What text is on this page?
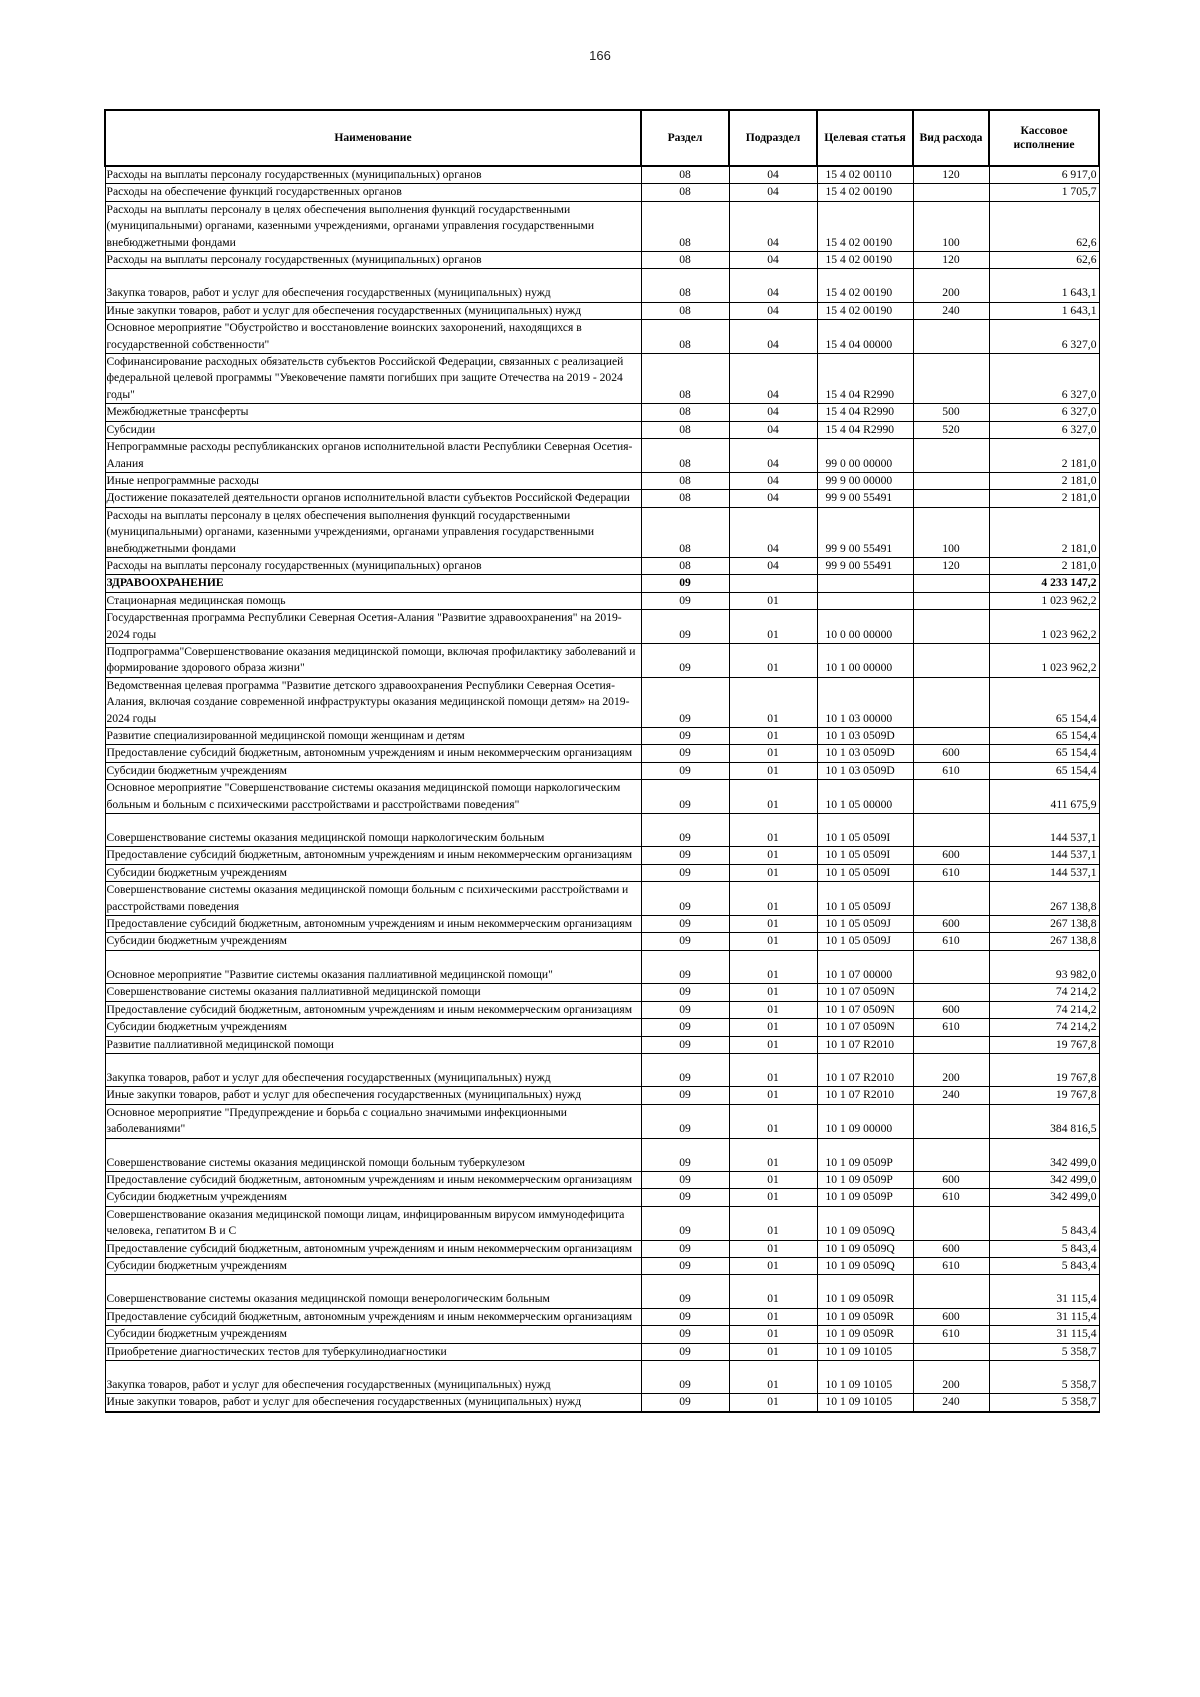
166
Наименование	Раздел	Подраздел	Целевая статья	Вид расхода	Кассовое исполнение
Расходы на выплаты персоналу государственных (муниципальных) органов	08	04	15 4 02 00110	120	6 917,0
Расходы на обеспечение функций государственных органов	08	04	15 4 02 00190		1 705,7
Расходы на выплаты персоналу в целях обеспечения выполнения функций государственными (муниципальными) органами, казенными учреждениями, органами управления государственными внебюджетными фондами	08	04	15 4 02 00190	100	62,6
Расходы на выплаты персоналу государственных (муниципальных) органов	08	04	15 4 02 00190	120	62,6
Закупка товаров, работ и услуг для обеспечения государственных (муниципальных) нужд	08	04	15 4 02 00190	200	1 643,1
Иные закупки товаров, работ и услуг для обеспечения государственных (муниципальных) нужд	08	04	15 4 02 00190	240	1 643,1
Основное мероприятие "Обустройство и восстановление воинских захоронений, находящихся в государственной собственности"	08	04	15 4 04 00000		6 327,0
Софинансирование расходных обязательств субъектов Российской Федерации, связанных с реализацией федеральной целевой программы "Увековечение памяти погибших при защите Отечества на 2019 - 2024 годы"	08	04	15 4 04 R2990		6 327,0
Межбюджетные трансферты	08	04	15 4 04 R2990	500	6 327,0
Субсидии	08	04	15 4 04 R2990	520	6 327,0
Непрограммные расходы республиканских органов исполнительной власти Республики Северная Осетия-Алания	08	04	99 0 00 00000		2 181,0
Иные непрограммные расходы	08	04	99 9 00 00000		2 181,0
Достижение показателей деятельности органов исполнительной власти субъектов Российской Федерации	08	04	99 9 00 55491		2 181,0
Расходы на выплаты персоналу в целях обеспечения выполнения функций государственными (муниципальными) органами, казенными учреждениями, органами управления государственными внебюджетными фондами	08	04	99 9 00 55491	100	2 181,0
Расходы на выплаты персоналу государственных (муниципальных) органов	08	04	99 9 00 55491	120	2 181,0
ЗДРАВООХРАНЕНИЕ	09				4 233 147,2
Стационарная медицинская помощь	09	01			1 023 962,2
Государственная программа Республики Северная Осетия-Алания "Развитие здравоохранения" на 2019-2024 годы	09	01	10 0 00 00000		1 023 962,2
Подпрограмма"Совершенствование оказания медицинской помощи, включая профилактику заболеваний и формирование здорового образа жизни"	09	01	10 1 00 00000		1 023 962,2
Ведомственная целевая программа "Развитие детского здравоохранения Республики Северная Осетия-Алания, включая создание современной инфраструктуры оказания медицинской помощи детям» на 2019-2024 годы	09	01	10 1 03 00000		65 154,4
Развитие специализированной медицинской помощи женщинам и детям	09	01	10 1 03 0509D		65 154,4
Предоставление субсидий бюджетным, автономным учреждениям и иным некоммерческим организациям	09	01	10 1 03 0509D	600	65 154,4
Субсидии бюджетным учреждениям	09	01	10 1 03 0509D	610	65 154,4
Основное мероприятие "Совершенствование системы оказания медицинской помощи наркологическим больным и больным с психическими расстройствами и расстройствами поведения"	09	01	10 1 05 00000		411 675,9
Совершенствование системы оказания медицинской помощи наркологическим больным	09	01	10 1 05 0509I		144 537,1
Предоставление субсидий бюджетным, автономным учреждениям и иным некоммерческим организациям	09	01	10 1 05 0509I	600	144 537,1
Субсидии бюджетным учреждениям	09	01	10 1 05 0509I	610	144 537,1
Совершенствование системы оказания медицинской помощи больным с психическими расстройствами и расстройствами поведения	09	01	10 1 05 0509J		267 138,8
Предоставление субсидий бюджетным, автономным учреждениям и иным некоммерческим организациям	09	01	10 1 05 0509J	600	267 138,8
Субсидии бюджетным учреждениям	09	01	10 1 05 0509J	610	267 138,8
Основное мероприятие "Развитие системы оказания паллиативной медицинской помощи"	09	01	10 1 07 00000		93 982,0
Совершенствование системы оказания паллиативной медицинской помощи	09	01	10 1 07 0509N		74 214,2
Предоставление субсидий бюджетным, автономным учреждениям и иным некоммерческим организациям	09	01	10 1 07 0509N	600	74 214,2
Субсидии бюджетным учреждениям	09	01	10 1 07 0509N	610	74 214,2
Развитие паллиативной медицинской помощи	09	01	10 1 07 R2010		19 767,8
Закупка товаров, работ и услуг для обеспечения государственных (муниципальных) нужд	09	01	10 1 07 R2010	200	19 767,8
Иные закупки товаров, работ и услуг для обеспечения государственных (муниципальных) нужд	09	01	10 1 07 R2010	240	19 767,8
Основное мероприятие "Предупреждение и борьба с социально значимыми инфекционными заболеваниями"	09	01	10 1 09 00000		384 816,5
Совершенствование системы оказания медицинской помощи больным туберкулезом	09	01	10 1 09 0509P		342 499,0
Предоставление субсидий бюджетным, автономным учреждениям и иным некоммерческим организациям	09	01	10 1 09 0509P	600	342 499,0
Субсидии бюджетным учреждениям	09	01	10 1 09 0509P	610	342 499,0
Совершенствование оказания медицинской помощи лицам, инфицированным вирусом иммунодефицита человека, гепатитом В и С	09	01	10 1 09 0509Q		5 843,4
Предоставление субсидий бюджетным, автономным учреждениям и иным некоммерческим организациям	09	01	10 1 09 0509Q	600	5 843,4
Субсидии бюджетным учреждениям	09	01	10 1 09 0509Q	610	5 843,4
Совершенствование системы оказания медицинской помощи венерологическим больным	09	01	10 1 09 0509R		31 115,4
Предоставление субсидий бюджетным, автономным учреждениям и иным некоммерческим организациям	09	01	10 1 09 0509R	600	31 115,4
Субсидии бюджетным учреждениям	09	01	10 1 09 0509R	610	31 115,4
Приобретение диагностических тестов для туберкулинодиагностики	09	01	10 1 09 10105		5 358,7
Закупка товаров, работ и услуг для обеспечения государственных (муниципальных) нужд	09	01	10 1 09 10105	200	5 358,7
Иные закупки товаров, работ и услуг для обеспечения государственных (муниципальных) нужд	09	01	10 1 09 10105	240	5 358,7
